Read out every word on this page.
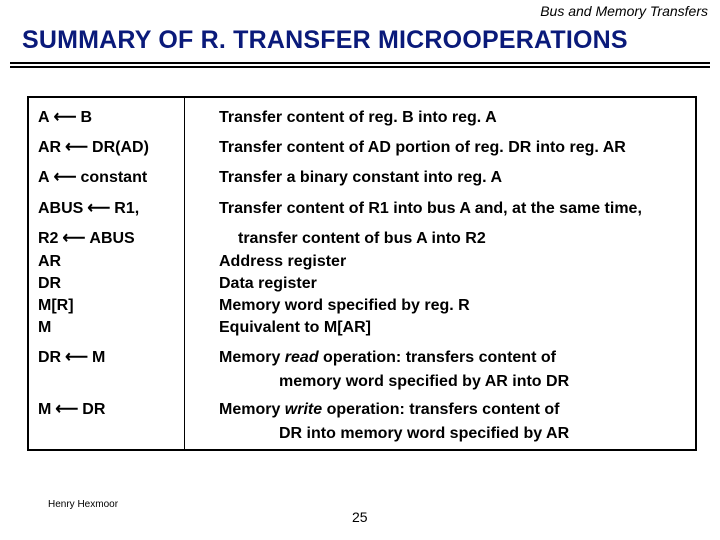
Bus and Memory Transfers
SUMMARY OF R. TRANSFER MICROOPERATIONS
A ⟵ B	Transfer content of reg. B into reg. A
AR ⟵ DR(AD)	Transfer content of AD portion of reg. DR into reg. AR
A ⟵ constant	Transfer a binary constant into reg. A
ABUS ⟵ R1,	Transfer content of R1 into bus A and, at the same time,
R2 ⟵ ABUS	transfer content of bus A into R2
AR	Address register
DR	Data register
M[R]	Memory word specified by reg. R
M	Equivalent to M[AR]
DR ⟵ M	Memory read operation: transfers content of
memory word specified by AR into DR
M ⟵ DR	Memory write operation: transfers content of
DR into memory word specified by AR
Henry Hexmoor
25
